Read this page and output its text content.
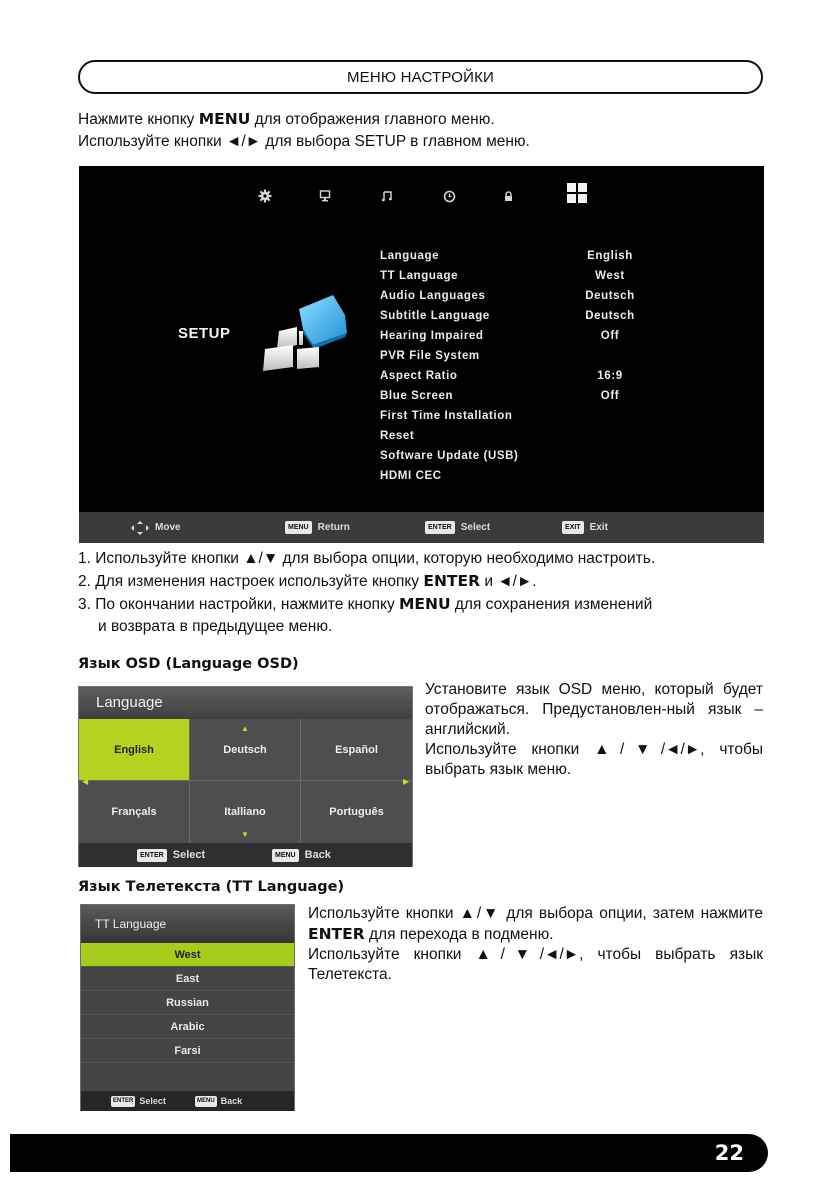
МЕНЮ НАСТРОЙКИ
Нажмите кнопку MENU для отображения главного меню.
Используйте кнопки ◄/► для выбора SETUP в главном меню.
SETUP
Language	English
TT Language	West
Audio Languages	Deutsch
Subtitle Language	Deutsch
Hearing Impaired	Off
PVR File System
Aspect Ratio	16:9
Blue Screen	Off
First Time Installation
Reset
Software Update (USB)
HDMI CEC
Move	MENU Return	ENTER Select	EXIT Exit
1. Используйте кнопки ▲/▼ для выбора опции, которую необходимо настроить.
2. Для изменения настроек используйте кнопку ENTER и ◄/►.
3. По окончании настройки, нажмите кнопку MENU для сохранения изменений
и возврата в предыдущее меню.
Язык OSD (Language OSD)
Language
English	Deutsch	Español
Françals	Italliano	Português
▲
▼
◀	▶
ENTER Select	MENU Back
Установите язык OSD меню, который будет отображаться. Предустановлен-ный язык – английский.
Используйте кнопки ▲/▼/◄/►, чтобы выбрать язык меню.
Язык Телетекста (TT Language)
TT Language
West
East
Russian
Arabic
Farsi
ENTER Select	MENU Back
Используйте кнопки ▲/▼ для выбора опции, затем нажмите ENTER для перехода в подменю.
Используйте кнопки ▲/▼/◄/►, чтобы выбрать язык Телетекста.
22
